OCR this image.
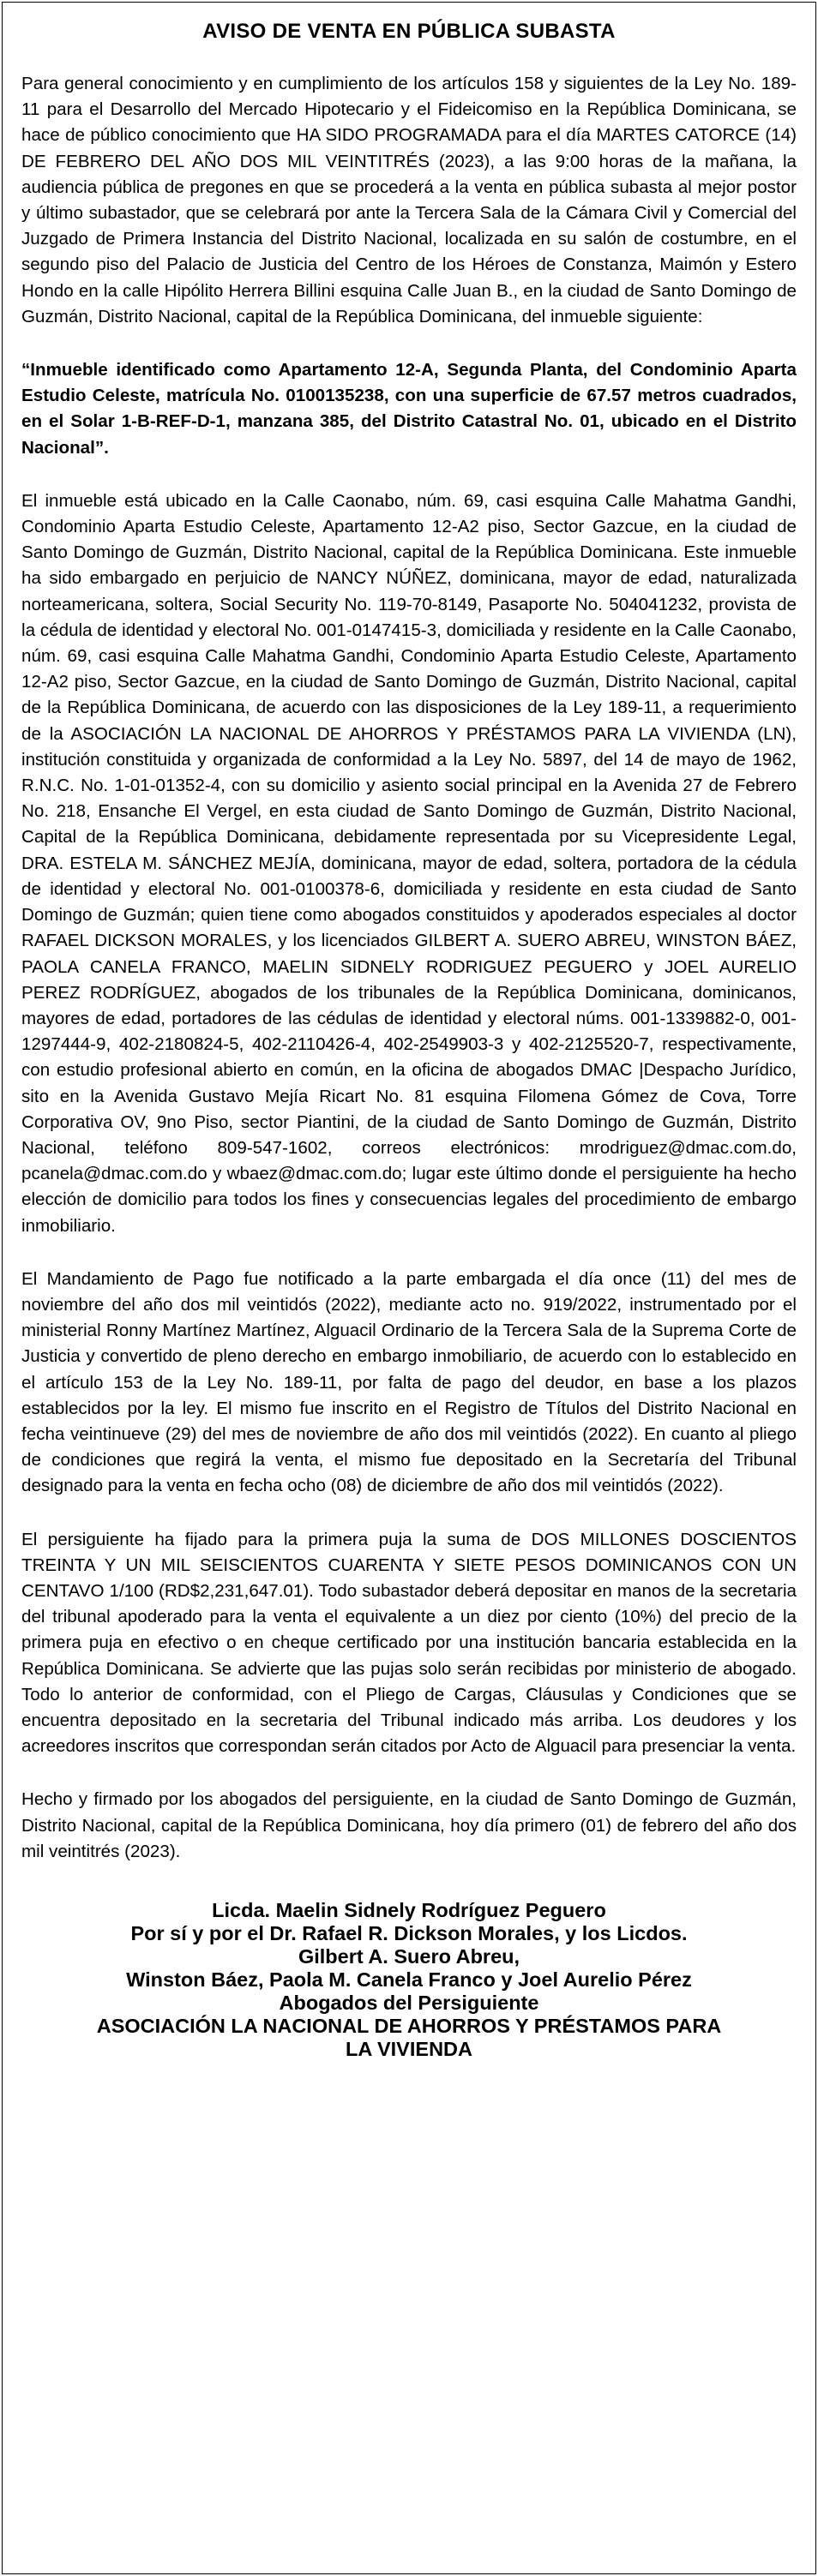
AVISO DE VENTA EN PÚBLICA SUBASTA

Para general conocimiento y en cumplimiento de los artículos 158 y siguientes de la Ley No. 189-11 para el Desarrollo del Mercado Hipotecario y el Fideicomiso en la República Dominicana, se hace de público conocimiento que HA SIDO PROGRAMADA para el día MARTES CATORCE (14) DE FEBRERO DEL AÑO DOS MIL VEINTITRÉS (2023), a las 9:00 horas de la mañana, la audiencia pública de pregones en que se procederá a la venta en pública subasta al mejor postor y último subastador, que se celebrará por ante la Tercera Sala de la Cámara Civil y Comercial del Juzgado de Primera Instancia del Distrito Nacional, localizada en su salón de costumbre, en el segundo piso del Palacio de Justicia del Centro de los Héroes de Constanza, Maimón y Estero Hondo en la calle Hipólito Herrera Billini esquina Calle Juan B., en la ciudad de Santo Domingo de Guzmán, Distrito Nacional, capital de la República Dominicana, del inmueble siguiente:

“Inmueble identificado como Apartamento 12-A, Segunda Planta, del Condominio Aparta Estudio Celeste, matrícula No. 0100135238, con una superficie de 67.57 metros cuadrados, en el Solar 1-B-REF-D-1, manzana 385, del Distrito Catastral No. 01, ubicado en el Distrito Nacional”.

El inmueble está ubicado en la Calle Caonabo, núm. 69, casi esquina Calle Mahatma Gandhi, Condominio Aparta Estudio Celeste, Apartamento 12-A2 piso, Sector Gazcue, en la ciudad de Santo Domingo de Guzmán, Distrito Nacional, capital de la República Dominicana. Este inmueble ha sido embargado en perjuicio de NANCY NÚÑEZ, dominicana, mayor de edad, naturalizada norteamericana, soltera, Social Security No. 119-70-8149, Pasaporte No. 504041232, provista de la cédula de identidad y electoral No. 001-0147415-3, domiciliada y residente en la Calle Caonabo, núm. 69, casi esquina Calle Mahatma Gandhi, Condominio Aparta Estudio Celeste, Apartamento 12-A2 piso, Sector Gazcue, en la ciudad de Santo Domingo de Guzmán, Distrito Nacional, capital de la República Dominicana, de acuerdo con las disposiciones de la Ley 189-11, a requerimiento de la ASOCIACIÓN LA NACIONAL DE AHORROS Y PRÉSTAMOS PARA LA VIVIENDA (LN), institución constituida y organizada de conformidad a la Ley No. 5897, del 14 de mayo de 1962, R.N.C. No. 1-01-01352-4, con su domicilio y asiento social principal en la Avenida 27 de Febrero No. 218, Ensanche El Vergel, en esta ciudad de Santo Domingo de Guzmán, Distrito Nacional, Capital de la República Dominicana, debidamente representada por su Vicepresidente Legal, DRA. ESTELA M. SÁNCHEZ MEJÍA, dominicana, mayor de edad, soltera, portadora de la cédula de identidad y electoral No. 001-0100378-6, domiciliada y residente en esta ciudad de Santo Domingo de Guzmán; quien tiene como abogados constituidos y apoderados especiales al doctor RAFAEL DICKSON MORALES, y los licenciados GILBERT A. SUERO ABREU, WINSTON BÁEZ, PAOLA CANELA FRANCO, MAELIN SIDNELY RODRIGUEZ PEGUERO y JOEL AURELIO PEREZ RODRÍGUEZ, abogados de los tribunales de la República Dominicana, dominicanos, mayores de edad, portadores de las cédulas de identidad y electoral núms. 001-1339882-0, 001-1297444-9, 402-2180824-5, 402-2110426-4, 402-2549903-3 y 402-2125520-7, respectivamente, con estudio profesional abierto en común, en la oficina de abogados DMAC |Despacho Jurídico, sito en la Avenida Gustavo Mejía Ricart No. 81 esquina Filomena Gómez de Cova, Torre Corporativa OV, 9no Piso, sector Piantini, de la ciudad de Santo Domingo de Guzmán, Distrito Nacional, teléfono 809-547-1602, correos electrónicos: mrodriguez@dmac.com.do, pcanela@dmac.com.do y wbaez@dmac.com.do; lugar este último donde el persiguiente ha hecho elección de domicilio para todos los fines y consecuencias legales del procedimiento de embargo inmobiliario.

El Mandamiento de Pago fue notificado a la parte embargada el día once (11) del mes de noviembre del año dos mil veintidós (2022), mediante acto no. 919/2022, instrumentado por el ministerial Ronny Martínez Martínez, Alguacil Ordinario de la Tercera Sala de la Suprema Corte de Justicia y convertido de pleno derecho en embargo inmobiliario, de acuerdo con lo establecido en el artículo 153 de la Ley No. 189-11, por falta de pago del deudor, en base a los plazos establecidos por la ley. El mismo fue inscrito en el Registro de Títulos del Distrito Nacional en fecha veintinueve (29) del mes de noviembre de año dos mil veintidós (2022). En cuanto al pliego de condiciones que regirá la venta, el mismo fue depositado en la Secretaría del Tribunal designado para la venta en fecha ocho (08) de diciembre de año dos mil veintidós (2022).

El persiguiente ha fijado para la primera puja la suma de DOS MILLONES DOSCIENTOS TREINTA Y UN MIL SEISCIENTOS CUARENTA Y SIETE PESOS DOMINICANOS CON UN CENTAVO 1/100 (RD$2,231,647.01). Todo subastador deberá depositar en manos de la secretaria del tribunal apoderado para la venta el equivalente a un diez por ciento (10%) del precio de la primera puja en efectivo o en cheque certificado por una institución bancaria establecida en la República Dominicana. Se advierte que las pujas solo serán recibidas por ministerio de abogado. Todo lo anterior de conformidad, con el Pliego de Cargas, Cláusulas y Condiciones que se encuentra depositado en la secretaria del Tribunal indicado más arriba. Los deudores y los acreedores inscritos que correspondan serán citados por Acto de Alguacil para presenciar la venta.

Hecho y firmado por los abogados del persiguiente, en la ciudad de Santo Domingo de Guzmán, Distrito Nacional, capital de la República Dominicana, hoy día primero (01) de febrero del año dos mil veintitrés (2023).

Licda. Maelin Sidnely Rodríguez Peguero
Por sí y por el Dr. Rafael R. Dickson Morales, y los Licdos.
Gilbert A. Suero Abreu,
Winston Báez, Paola M. Canela Franco y Joel Aurelio Pérez
Abogados del Persiguiente
ASOCIACIÓN LA NACIONAL DE AHORROS Y PRÉSTAMOS PARA
LA VIVIENDA
